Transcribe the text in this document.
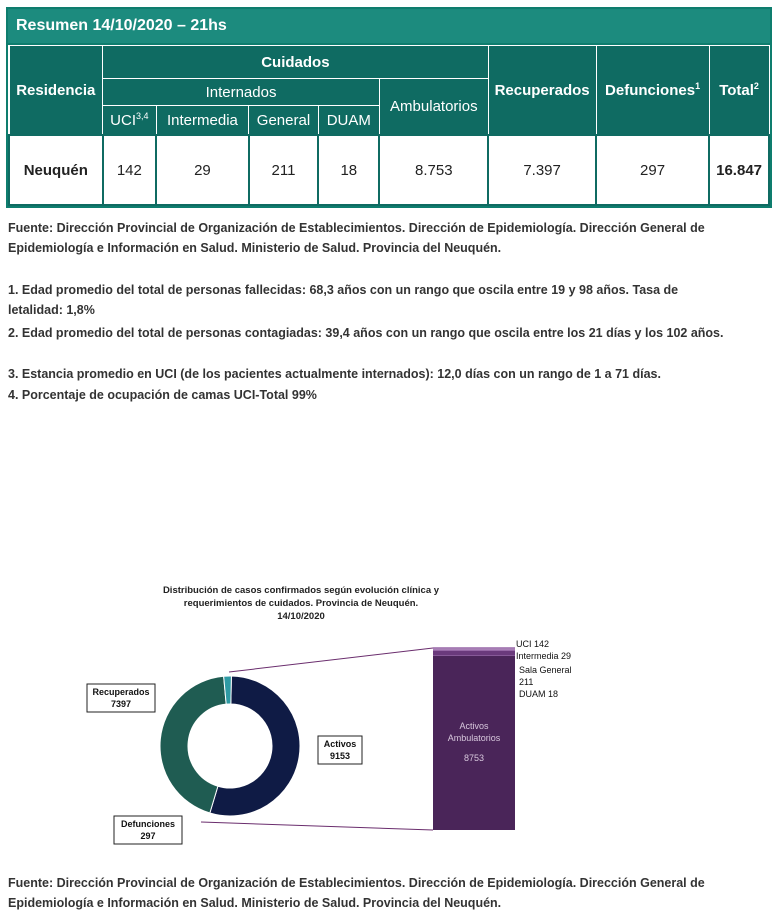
Resumen 14/10/2020 – 21hs
Residencia	Cuidados					Recuperados	Defunciones$^1$	Total$^2$
	Internados				Ambulatorios			
	UCI$^{3,4}$	Intermedia	General	DUAM				
Neuquén	142	29	211	18	8.753	7.397	297	16.847
Fuente: Dirección Provincial de Organización de Establecimientos. Dirección de Epidemiología. Dirección General de Epidemiología e Información en Salud. Ministerio de Salud. Provincia del Neuquén.
1. Edad promedio del total de personas fallecidas: 68,3 años con un rango que oscila entre 19 y 98 años. Tasa de letalidad: 1,8%
2. Edad promedio del total de personas contagiadas: 39,4 años con un rango que oscila entre los 21 días y los 102 años.
3. Estancia promedio en UCI (de los pacientes actualmente internados): 12,0 días con un rango de 1 a 71 días.
4. Porcentaje de ocupación de camas UCI-Total 99%
Distribución de casos confirmados según evolución clínica y
requerimientos de cuidados. Provincia de Neuquén.
14/10/2020
Recuperados
7397
Activos
9153
Defunciones
297
Activos
Ambulatorios
8753
UCI 142
Intermedia 29
Sala General
211
DUAM 18
Fuente: Dirección Provincial de Organización de Establecimientos. Dirección de Epidemiología. Dirección General de Epidemiología e Información en Salud. Ministerio de Salud. Provincia del Neuquén.
